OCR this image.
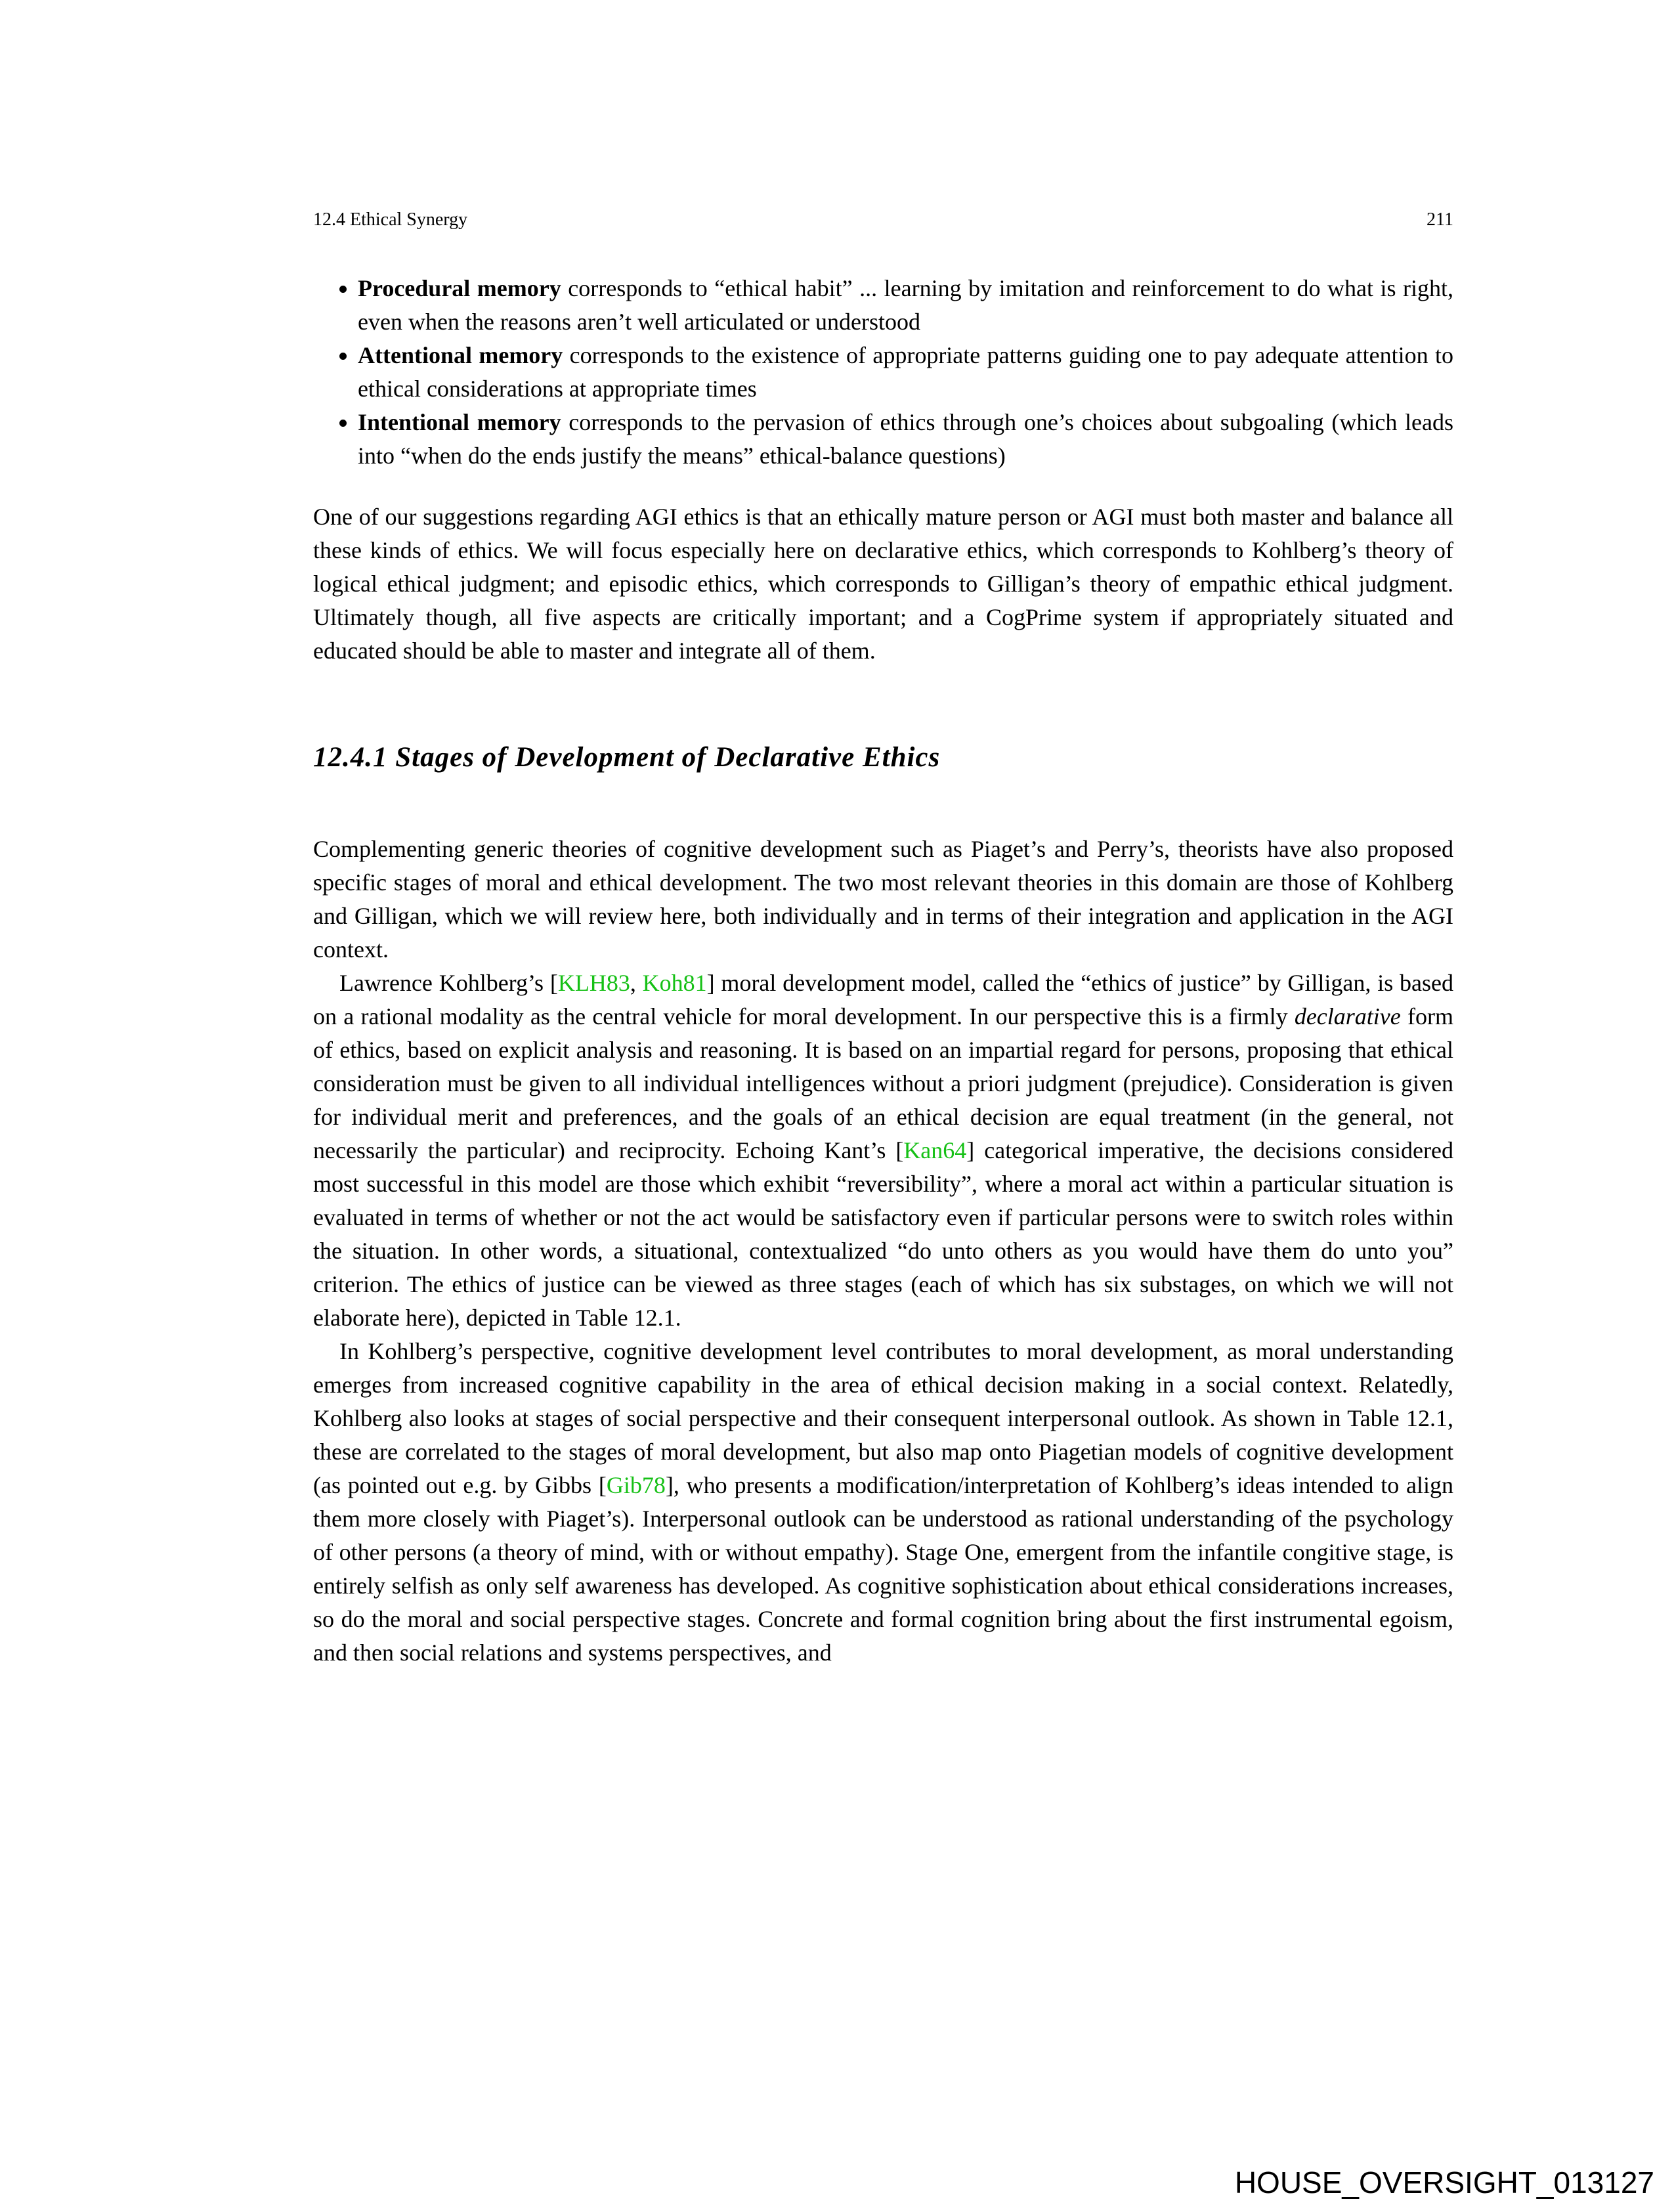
12.4 Ethical Synergy	211
• Procedural memory corresponds to “ethical habit” ... learning by imitation and reinforcement to do what is right, even when the reasons aren’t well articulated or understood
• Attentional memory corresponds to the existence of appropriate patterns guiding one to pay adequate attention to ethical considerations at appropriate times
• Intentional memory corresponds to the pervasion of ethics through one’s choices about subgoaling (which leads into “when do the ends justify the means” ethical-balance questions)

One of our suggestions regarding AGI ethics is that an ethically mature person or AGI must both master and balance all these kinds of ethics. We will focus especially here on declarative ethics, which corresponds to Kohlberg’s theory of logical ethical judgment; and episodic ethics, which corresponds to Gilligan’s theory of empathic ethical judgment. Ultimately though, all five aspects are critically important; and a CogPrime system if appropriately situated and educated should be able to master and integrate all of them.

12.4.1 Stages of Development of Declarative Ethics

Complementing generic theories of cognitive development such as Piaget’s and Perry’s, theorists have also proposed specific stages of moral and ethical development. The two most relevant theories in this domain are those of Kohlberg and Gilligan, which we will review here, both individually and in terms of their integration and application in the AGI context.

Lawrence Kohlberg’s [KLH83, Koh81] moral development model, called the “ethics of justice” by Gilligan, is based on a rational modality as the central vehicle for moral development. In our perspective this is a firmly declarative form of ethics, based on explicit analysis and reasoning. It is based on an impartial regard for persons, proposing that ethical consideration must be given to all individual intelligences without a priori judgment (prejudice). Consideration is given for individual merit and preferences, and the goals of an ethical decision are equal treatment (in the general, not necessarily the particular) and reciprocity. Echoing Kant’s [Kan64] categorical imperative, the decisions considered most successful in this model are those which exhibit “reversibility”, where a moral act within a particular situation is evaluated in terms of whether or not the act would be satisfactory even if particular persons were to switch roles within the situation. In other words, a situational, contextualized “do unto others as you would have them do unto you” criterion. The ethics of justice can be viewed as three stages (each of which has six substages, on which we will not elaborate here), depicted in Table 12.1.

In Kohlberg’s perspective, cognitive development level contributes to moral development, as moral understanding emerges from increased cognitive capability in the area of ethical decision making in a social context. Relatedly, Kohlberg also looks at stages of social perspective and their consequent interpersonal outlook. As shown in Table 12.1, these are correlated to the stages of moral development, but also map onto Piagetian models of cognitive development (as pointed out e.g. by Gibbs [Gib78], who presents a modification/interpretation of Kohlberg’s ideas intended to align them more closely with Piaget’s). Interpersonal outlook can be understood as rational understanding of the psychology of other persons (a theory of mind, with or without empathy). Stage One, emergent from the infantile congitive stage, is entirely selfish as only self awareness has developed. As cognitive sophistication about ethical considerations increases, so do the moral and social perspective stages. Concrete and formal cognition bring about the first instrumental egoism, and then social relations and systems perspectives, and

HOUSE_OVERSIGHT_013127
